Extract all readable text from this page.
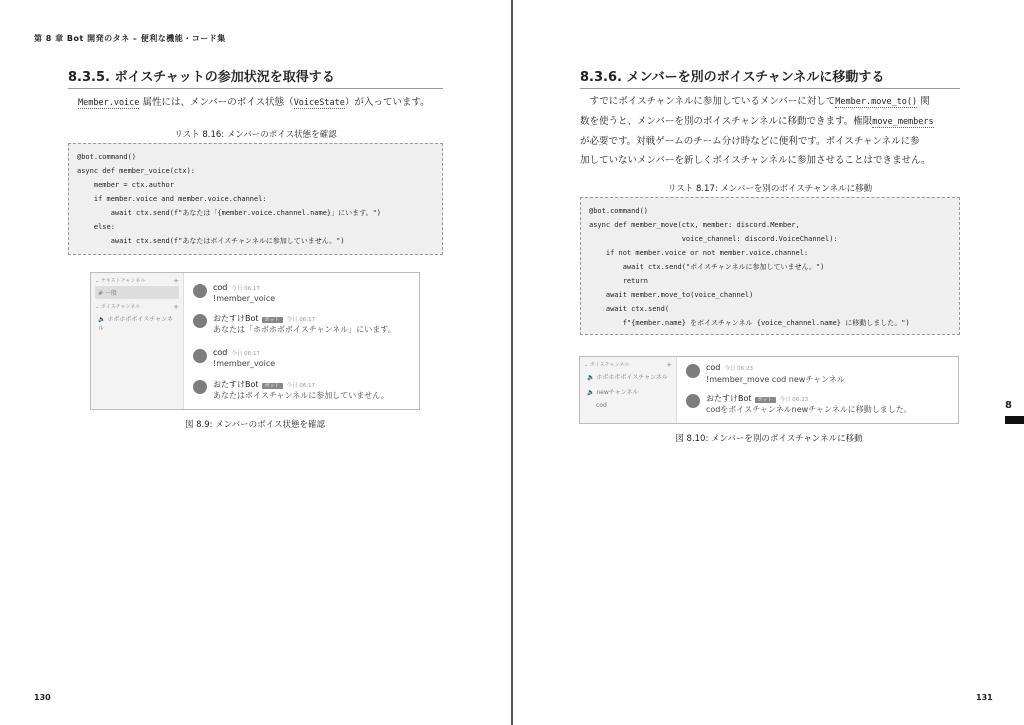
第 8 章 Bot 開発のタネ – 便利な機能・コード集
8.3.5. ボイスチャットの参加状況を取得する

Member.voice 属性には、メンバーのボイス状態（VoiceState）が入っています。

リスト 8.16: メンバーのボイス状態を確認
@bot.command()
async def member_voice(ctx):
member = ctx.author
if member.voice and member.voice.channel:
await ctx.send(f"あなたは「{member.voice.channel.name}」にいます。")
else:
await ctx.send(f"あなたはボイスチャンネルに参加していません。")
⌄ テキストチャンネル	+
# 一般
⌄ ボイスチャンネル	+
🔈 ホボホボボイスチャンネル
cod 今日 06:17
!member_voice
おたすけBot ボット 今日 06:17
あなたは「ホボホボボイスチャンネル」にいます。
cod 今日 06:17
!member_voice
おたすけBot ボット 今日 06:17
あなたはボイスチャンネルに参加していません。
図 8.9: メンバーのボイス状態を確認
130
8.3.6. メンバーを別のボイスチャンネルに移動する
　すでにボイスチャンネルに参加しているメンバーに対してMember.move_to() 関
数を使うと、メンバーを別のボイスチャンネルに移動できます。権限move_members
が必要です。対戦ゲームのチーム分け時などに便利です。ボイスチャンネルに参
加していないメンバーを新しくボイスチャンネルに参加させることはできません。
リスト 8.17: メンバーを別のボイスチャンネルに移動
@bot.command()
async def member_move(ctx, member: discord.Member,
voice_channel: discord.VoiceChannel):
if not member.voice or not member.voice.channel:
await ctx.send("ボイスチャンネルに参加していません。")
return
await member.move_to(voice_channel)
await ctx.send(
f"{member.name} をボイスチャンネル {voice_channel.name} に移動しました。")
⌄ ボイスチャンネル	+
🔈 ホボホボボイスチャンネル
🔈 newチャンネル
cod
cod 今日 06:23
!member_move cod newチャンネル
おたすけBot ボット 今日 06:23
codをボイスチャンネルnewチャンネルに移動しました。
図 8.10: メンバーを別のボイスチャンネルに移動
131
8
